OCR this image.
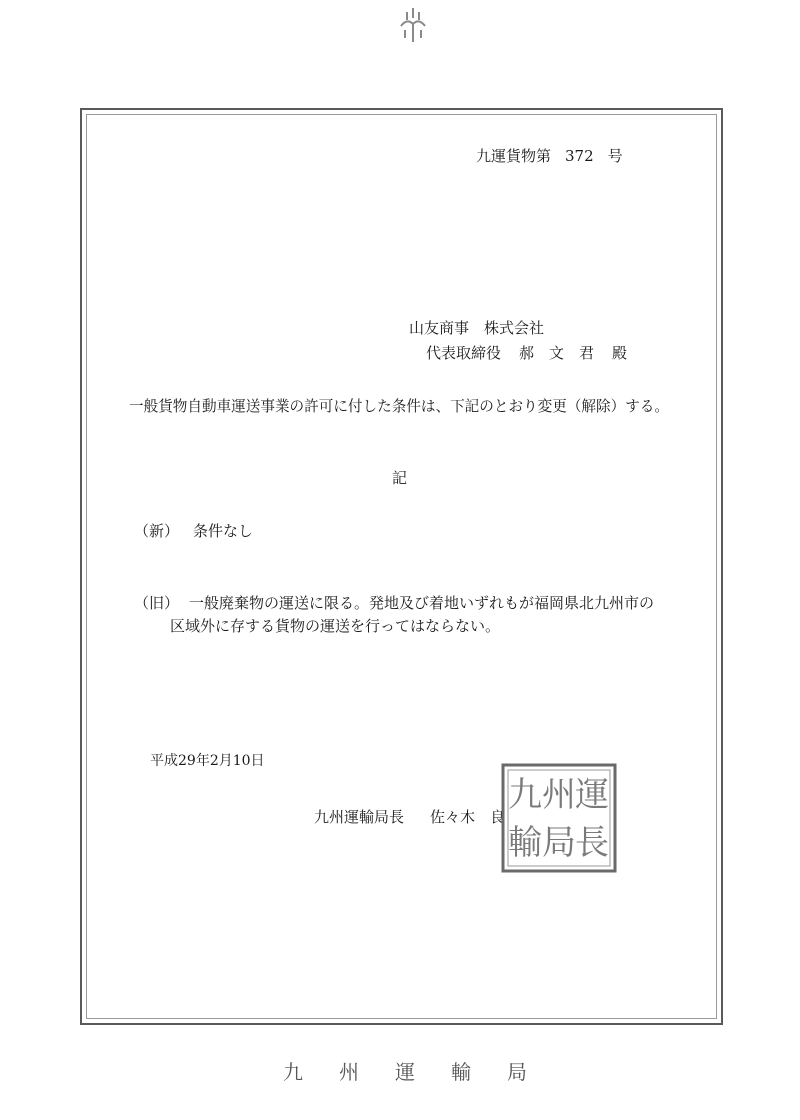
九運貨物第 372 号
山友商事　株式会社
代表取締役 郝　文　君 殿
一般貨物自動車運送事業の許可に付した条件は、下記のとおり変更（解除）する。
記
（新） 条件なし
（旧） 一般廃棄物の運送に限る。発地及び着地いずれもが福岡県北九州市の
区域外に存する貨物の運送を行ってはならない。
平成29年2月10日
九州運輸局長 佐々木　良
運
長
州
局
九
輸
九州運輸局
